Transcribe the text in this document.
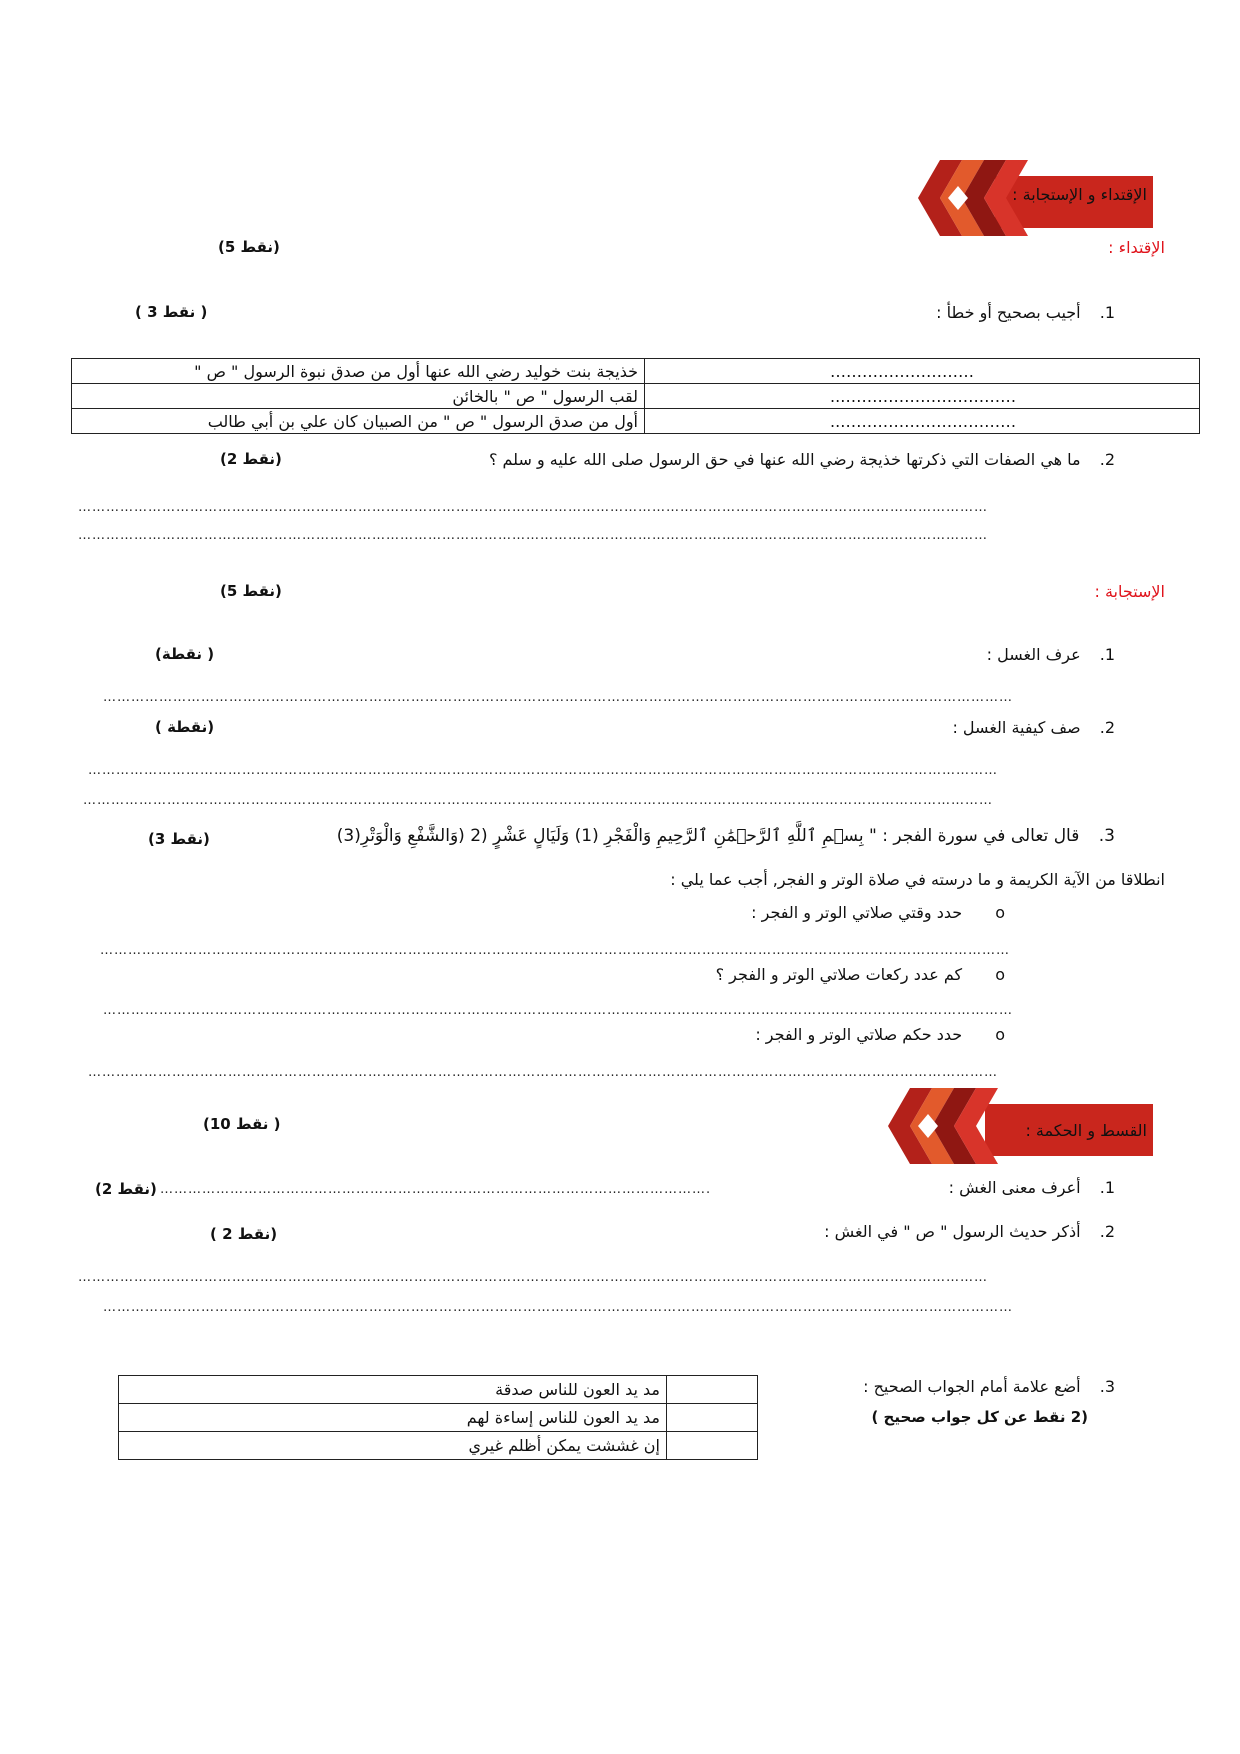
الإقتداء و الإستجابة :
(5 نقط)	الإقتداء :
1. أجيب بصحيح أو خطأ :
( 3 نقط )
خذيجة بنت خوليد رضي الله عنها أول من صدق نبوة الرسول " ص "	………………………
لقب الرسول " ص " بالخائن	……………………………..
أول من صدق الرسول " ص " من الصبيان كان علي بن أبي طالب	……………………………..
2. ما هي الصفات التي ذكرتها خذيجة رضي الله عنها في حق الرسول صلى الله عليه و سلم ؟
(2 نقط)
……………………………………………………………………………………………………………………………………………………………………………
……………………………………………………………………………………………………………………………………………………………………………
(5 نقط)	الإستجابة :
1. عرف الغسل :
(نقطة )
……………………………………………………………………………………………………………………………………………………………………………
2. صف كيفية الغسل :
( نقطة)
……………………………………………………………………………………………………………………………………………………………………………
……………………………………………………………………………………………………………………………………………………………………………
3. قال تعالى في سورة الفجر : " بِسۡمِ ٱللَّهِ ٱلرَّحۡمَٰنِ ٱلرَّحِيمِ وَالْفَجْرِ (1) وَلَيَالٍ عَشْرٍ (2 (وَالشَّفْعِ وَالْوَتْرِ(3)
(3 نقط)
انطلاقا من الآية الكريمة و ما درسته في صلاة الوتر و الفجر, أجب عما يلي :
o حدد وقتي صلاتي الوتر و الفجر :
……………………………………………………………………………………………………………………………………………………………………………
o كم عدد ركعات صلاتي الوتر و الفجر ؟
……………………………………………………………………………………………………………………………………………………………………………
o حدد حكم صلاتي الوتر و الفجر :
……………………………………………………………………………………………………………………………………………………………………………
القسط و الحكمة :
(10 نقط )
1. أعرف معنى الغش :
……………………………………………………………………………………………………….
(2 نقط)
2. أذكر حديث الرسول " ص " في الغش :
( 2 نقط)
……………………………………………………………………………………………………………………………………………………………………………
……………………………………………………………………………………………………………………………………………………………………………
3. أضع علامة أمام الجواب الصحيح :
(2 نقط عن كل جواب صحيح )
مد يد العون للناس صدقة	
مد يد العون للناس إساءة لهم	
إن غششت يمكن أظلم غيري	
